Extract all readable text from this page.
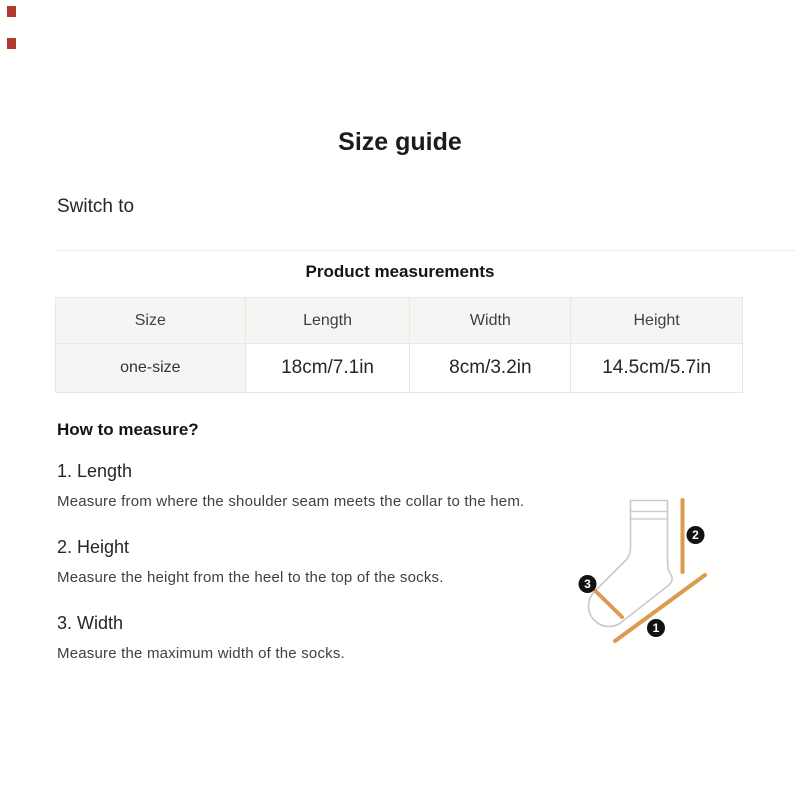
Size guide
Switch to
Product measurements
Size	Length	Width	Height
one-size	18cm/7.1in	8cm/3.2in	14.5cm/5.7in
How to measure?

1. Length

Measure from where the shoulder seam meets the collar to the hem.

2. Height

Measure the height from the heel to the top of the socks.

3. Width

Measure the maximum width of the socks.

1
2
3
